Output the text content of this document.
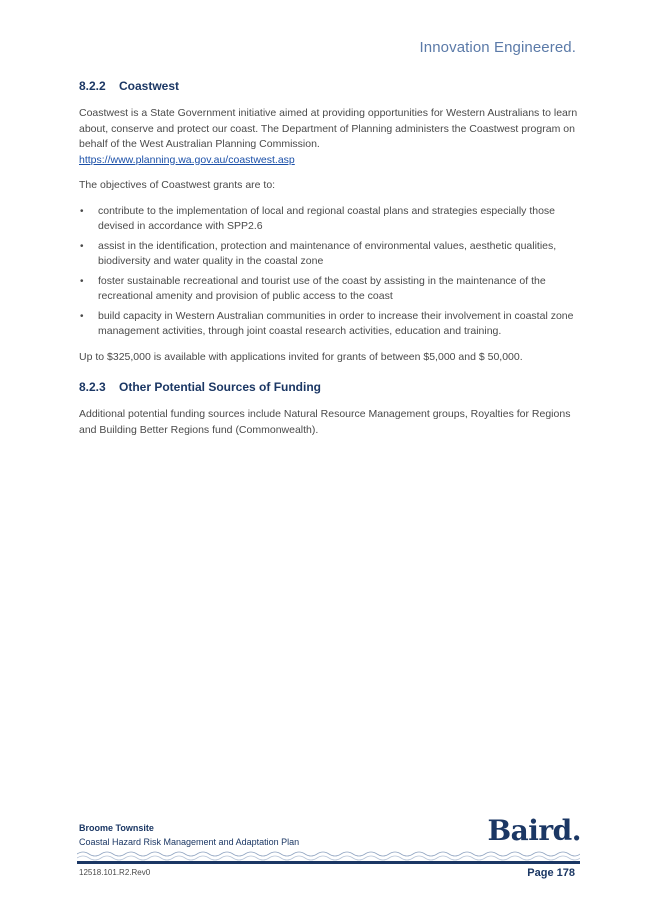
Innovation Engineered.
8.2.2	Coastwest

Coastwest is a State Government initiative aimed at providing opportunities for Western Australians to learn about, conserve and protect our coast. The Department of Planning administers the Coastwest program on behalf of the West Australian Planning Commission.
https://www.planning.wa.gov.au/coastwest.asp

The objectives of Coastwest grants are to:

• contribute to the implementation of local and regional coastal plans and strategies especially those devised in accordance with SPP2.6
• assist in the identification, protection and maintenance of environmental values, aesthetic qualities, biodiversity and water quality in the coastal zone
• foster sustainable recreational and tourist use of the coast by assisting in the maintenance of the recreational amenity and provision of public access to the coast
• build capacity in Western Australian communities in order to increase their involvement in coastal zone management activities, through joint coastal research activities, education and training.

Up to $325,000 is available with applications invited for grants of between $5,000 and $ 50,000.

8.2.3	Other Potential Sources of Funding

Additional potential funding sources include Natural Resource Management groups, Royalties for Regions and Building Better Regions fund (Commonwealth).

Broome Townsite
Coastal Hazard Risk Management and Adaptation Plan	Baird.
12518.101.R2.Rev0	Page 178
